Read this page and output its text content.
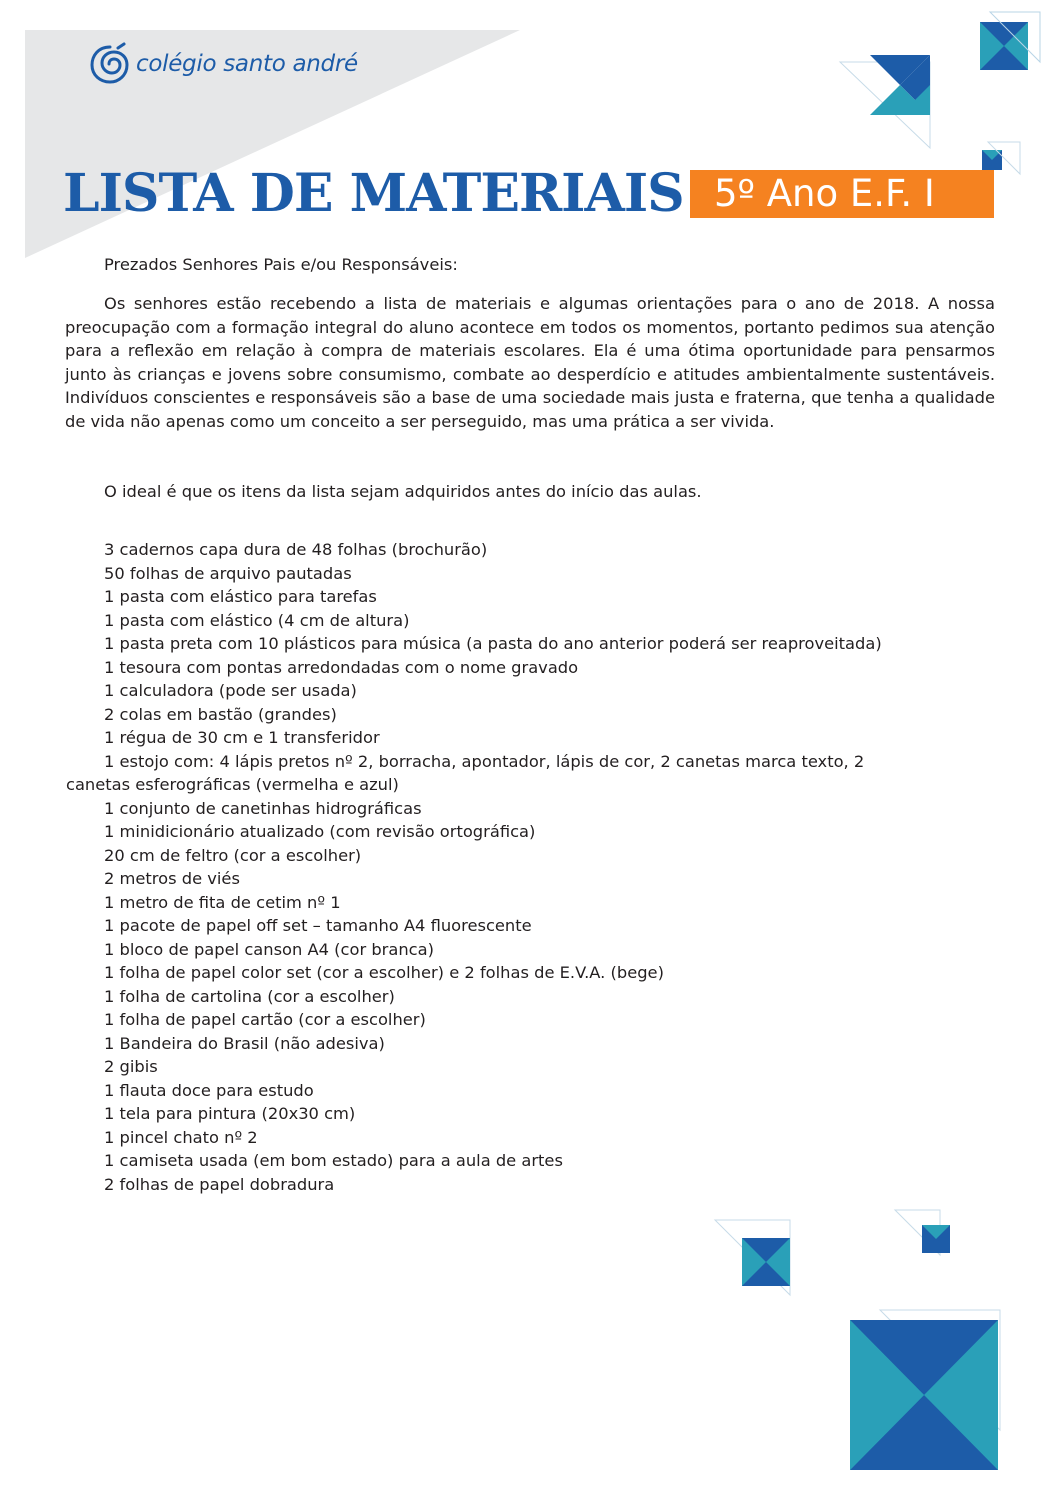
colégio santo andré
LISTA DE MATERIAIS 5º Ano E.F. I
Prezados Senhores Pais e/ou Responsáveis:
Os senhores estão recebendo a lista de materiais e algumas orientações para o ano de 2018. A nossa preocupação com a formação integral do aluno acontece em todos os momentos, portanto pedimos sua atenção para a reflexão em relação à compra de materiais escolares. Ela é uma ótima oportunidade para pensarmos junto às crianças e jovens sobre consumismo, combate ao desperdício e atitudes ambientalmente sustentáveis. Indivíduos conscientes e responsáveis são a base de uma sociedade mais justa e fraterna, que tenha a qualidade de vida não apenas como um conceito a ser perseguido, mas uma prática a ser vivida.
O ideal é que os itens da lista sejam adquiridos antes do início das aulas.
3 cadernos capa dura de 48 folhas (brochurão)
50 folhas de arquivo pautadas
1 pasta com elástico para tarefas
1 pasta com elástico (4 cm de altura)
1 pasta preta com 10 plásticos para música (a pasta do ano anterior poderá ser reaproveitada)
1 tesoura com pontas arredondadas com o nome gravado
1 calculadora (pode ser usada)
2 colas em bastão (grandes)
1 régua de 30 cm e 1 transferidor
1 estojo com: 4 lápis pretos nº 2, borracha, apontador, lápis de cor, 2 canetas marca texto, 2
canetas esferográficas (vermelha e azul)
1 conjunto de canetinhas hidrográficas
1 minidicionário atualizado (com revisão ortográfica)
20 cm de feltro (cor a escolher)
2 metros de viés
1 metro de fita de cetim nº 1
1 pacote de papel off set – tamanho A4 fluorescente
1 bloco de papel canson A4 (cor branca)
1 folha de papel color set (cor a escolher) e 2 folhas de E.V.A. (bege)
1 folha de cartolina (cor a escolher)
1 folha de papel cartão (cor a escolher)
1 Bandeira do Brasil (não adesiva)
2 gibis
1 flauta doce para estudo
1 tela para pintura (20x30 cm)
1 pincel chato nº 2
1 camiseta usada (em bom estado) para a aula de artes
2 folhas de papel dobradura
